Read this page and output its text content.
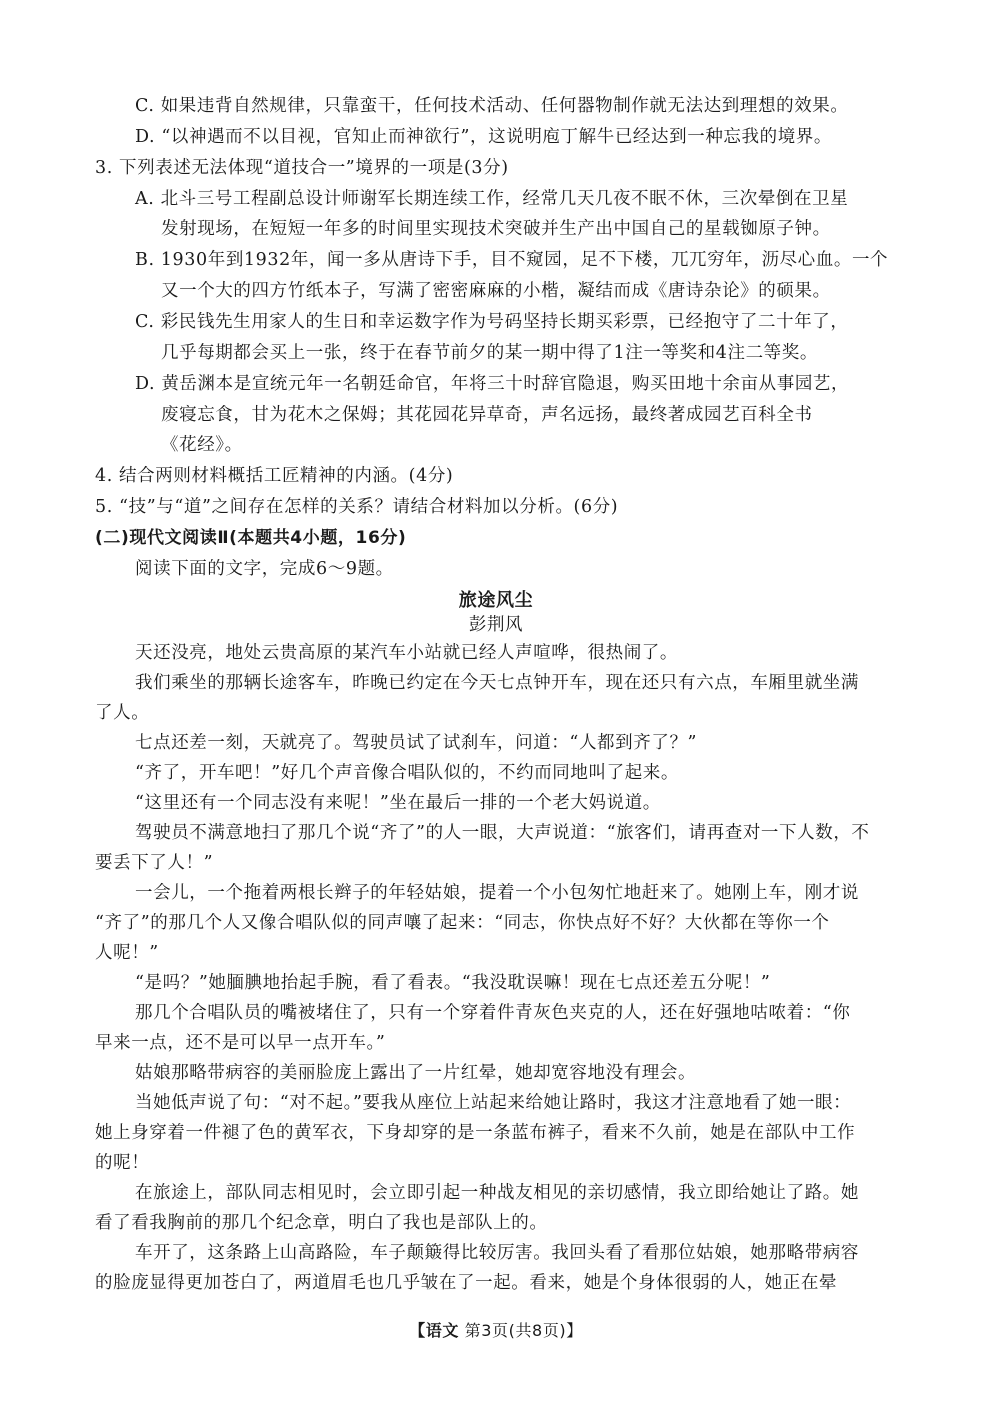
C. 如果违背自然规律，只靠蛮干，任何技术活动、任何器物制作就无法达到理想的效果。
D. “以神遇而不以目视，官知止而神欲行”，这说明庖丁解牛已经达到一种忘我的境界。
3. 下列表述无法体现“道技合一”境界的一项是(3分)
A. 北斗三号工程副总设计师谢军长期连续工作，经常几天几夜不眠不休，三次晕倒在卫星
发射现场，在短短一年多的时间里实现技术突破并生产出中国自己的星载铷原子钟。
B. 1930年到1932年，闻一多从唐诗下手，目不窥园，足不下楼，兀兀穷年，沥尽心血。一个
又一个大的四方竹纸本子，写满了密密麻麻的小楷，凝结而成《唐诗杂论》的硕果。
C. 彩民钱先生用家人的生日和幸运数字作为号码坚持长期买彩票，已经抱守了二十年了，
几乎每期都会买上一张，终于在春节前夕的某一期中得了1注一等奖和4注二等奖。
D. 黄岳渊本是宣统元年一名朝廷命官，年将三十时辞官隐退，购买田地十余亩从事园艺，
废寝忘食，甘为花木之保姆；其花园花异草奇，声名远扬，最终著成园艺百科全书
《花经》。
4. 结合两则材料概括工匠精神的内涵。(4分)
5. “技”与“道”之间存在怎样的关系？请结合材料加以分析。(6分)
(二)现代文阅读Ⅱ(本题共4小题，16分)
阅读下面的文字，完成6～9题。
旅途风尘
彭荆风
天还没亮，地处云贵高原的某汽车小站就已经人声喧哗，很热闹了。
我们乘坐的那辆长途客车，昨晚已约定在今天七点钟开车，现在还只有六点，车厢里就坐满
了人。
七点还差一刻，天就亮了。驾驶员试了试刹车，问道：“人都到齐了？”
“齐了，开车吧！”好几个声音像合唱队似的，不约而同地叫了起来。
“这里还有一个同志没有来呢！”坐在最后一排的一个老大妈说道。
驾驶员不满意地扫了那几个说“齐了”的人一眼，大声说道：“旅客们，请再查对一下人数，不
要丢下了人！”
一会儿，一个拖着两根长辫子的年轻姑娘，提着一个小包匆忙地赶来了。她刚上车，刚才说
“齐了”的那几个人又像合唱队似的同声嚷了起来：“同志，你快点好不好？大伙都在等你一个
人呢！”
“是吗？”她腼腆地抬起手腕，看了看表。“我没耽误嘛！现在七点还差五分呢！”
那几个合唱队员的嘴被堵住了，只有一个穿着件青灰色夹克的人，还在好强地咕哝着：“你
早来一点，还不是可以早一点开车。”
姑娘那略带病容的美丽脸庞上露出了一片红晕，她却宽容地没有理会。
当她低声说了句：“对不起。”要我从座位上站起来给她让路时，我这才注意地看了她一眼：
她上身穿着一件褪了色的黄军衣，下身却穿的是一条蓝布裤子，看来不久前，她是在部队中工作
的呢！
在旅途上，部队同志相见时，会立即引起一种战友相见的亲切感情，我立即给她让了路。她
看了看我胸前的那几个纪念章，明白了我也是部队上的。
车开了，这条路上山高路险，车子颠簸得比较厉害。我回头看了看那位姑娘，她那略带病容
的脸庞显得更加苍白了，两道眉毛也几乎皱在了一起。看来，她是个身体很弱的人，她正在晕
【语文 第3页(共8页)】
